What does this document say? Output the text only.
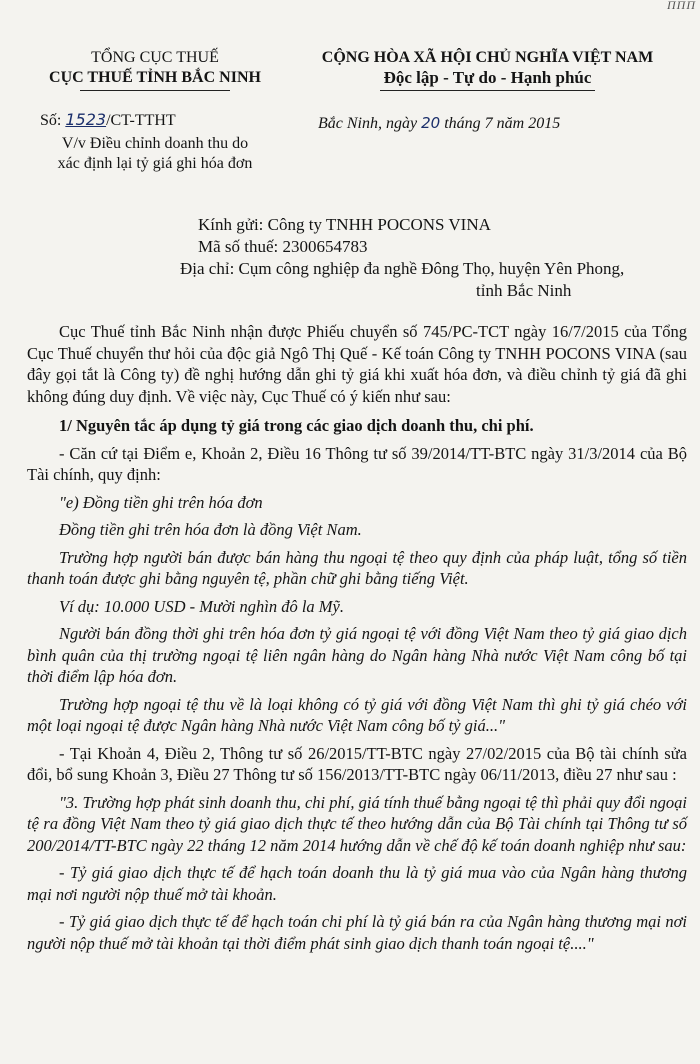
ΠΠΠ
TỔNG CỤC THUẾ
CỤC THUẾ TỈNH BẮC NINH
CỘNG HÒA XÃ HỘI CHỦ NGHĨA VIỆT NAM
Độc lập - Tự do - Hạnh phúc
Số: 1523/CT-TTHT
V/v Điều chỉnh doanh thu do
xác định lại tỷ giá ghi hóa đơn
Bắc Ninh, ngày 20 tháng 7 năm 2015
Kính gửi: Công ty TNHH POCONS VINA
Mã số thuế: 2300654783
Địa chỉ: Cụm công nghiệp đa nghề Đông Thọ, huyện Yên Phong,
tỉnh Bắc Ninh

Cục Thuế tỉnh Bắc Ninh nhận được Phiếu chuyển số 745/PC-TCT ngày 16/7/2015 của Tổng Cục Thuế chuyển thư hỏi của độc giả Ngô Thị Quế - Kế toán Công ty TNHH POCONS VINA (sau đây gọi tắt là Công ty) đề nghị hướng dẫn ghi tỷ giá khi xuất hóa đơn, và điều chỉnh tỷ giá đã ghi không đúng duy định. Về việc này, Cục Thuế có ý kiến như sau:

1/ Nguyên tắc áp dụng tỷ giá trong các giao dịch doanh thu, chi phí.

- Căn cứ tại Điểm e, Khoản 2, Điều 16 Thông tư số 39/2014/TT-BTC ngày 31/3/2014 của Bộ Tài chính, quy định:

"e) Đồng tiền ghi trên hóa đơn

Đồng tiền ghi trên hóa đơn là đồng Việt Nam.

Trường hợp người bán được bán hàng thu ngoại tệ theo quy định của pháp luật, tổng số tiền thanh toán được ghi bằng nguyên tệ, phần chữ ghi bằng tiếng Việt.

Ví dụ: 10.000 USD - Mười nghìn đô la Mỹ.

Người bán đồng thời ghi trên hóa đơn tỷ giá ngoại tệ với đồng Việt Nam theo tỷ giá giao dịch bình quân của thị trường ngoại tệ liên ngân hàng do Ngân hàng Nhà nước Việt Nam công bố tại thời điểm lập hóa đơn.

Trường hợp ngoại tệ thu về là loại không có tỷ giá với đồng Việt Nam thì ghi tỷ giá chéo với một loại ngoại tệ được Ngân hàng Nhà nước Việt Nam công bố tỷ giá..."

- Tại Khoản 4, Điều 2, Thông tư số 26/2015/TT-BTC ngày 27/02/2015 của Bộ tài chính sửa đổi, bổ sung Khoản 3, Điều 27 Thông tư số 156/2013/TT-BTC ngày 06/11/2013, điều 27 như sau :

"3. Trường hợp phát sinh doanh thu, chi phí, giá tính thuế bằng ngoại tệ thì phải quy đổi ngoại tệ ra đồng Việt Nam theo tỷ giá giao dịch thực tế theo hướng dẫn của Bộ Tài chính tại Thông tư số 200/2014/TT-BTC ngày 22 tháng 12 năm 2014 hướng dẫn về chế độ kế toán doanh nghiệp như sau:

- Tỷ giá giao dịch thực tế để hạch toán doanh thu là tỷ giá mua vào của Ngân hàng thương mại nơi người nộp thuế mở tài khoản.

- Tỷ giá giao dịch thực tế để hạch toán chi phí là tỷ giá bán ra của Ngân hàng thương mại nơi người nộp thuế mở tài khoản tại thời điểm phát sinh giao dịch thanh toán ngoại tệ...."
